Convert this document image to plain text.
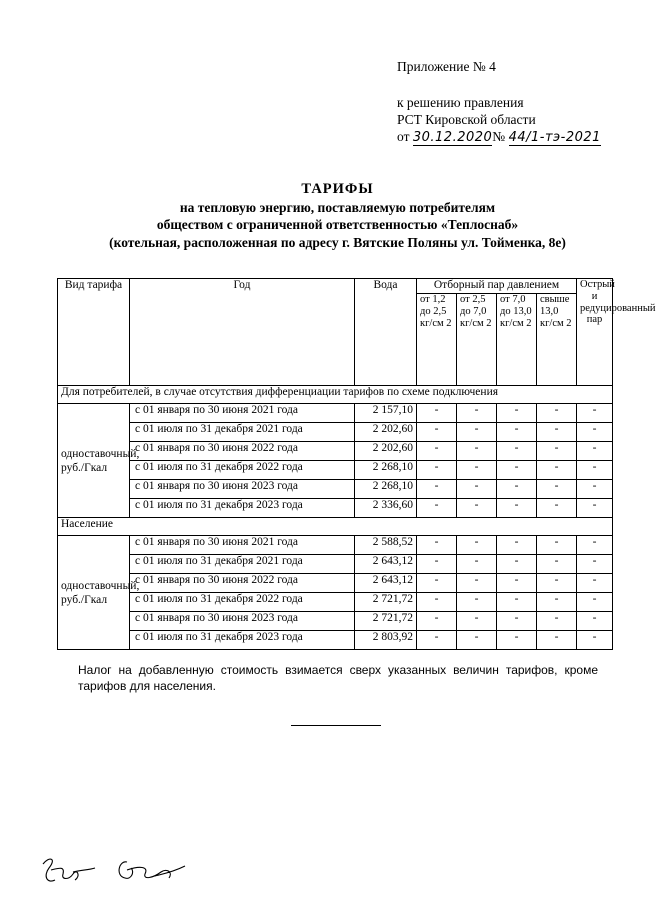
Приложение № 4
к решению правления
РСТ Кировской области
от 30.12.2020№ 44/1-тэ-2021
ТАРИФЫ
на тепловую энергию, поставляемую потребителям
обществом с ограниченной ответственностью «Теплоснаб»
(котельная, расположенная по адресу г. Вятские Поляны ул. Тойменка, 8е)
Вид тарифа	Год	Вода	Отборный пар давлением				Острый и редуцированный пар
			от 1,2 до 2,5 кг/см 2	от 2,5 до 7,0 кг/см 2	от 7,0 до 13,0 кг/см 2	свыше 13,0 кг/см 2	
Для потребителей, в случае отсутствия дифференциации тарифов по схеме подключения							
одноставочный, руб./Гкал	с 01 января по 30 июня 2021 года	2 157,10	-	-	-	-	-
	с 01 июля по 31 декабря 2021 года	2 202,60	-	-	-	-	-
	с 01 января по 30 июня 2022 года	2 202,60	-	-	-	-	-
	с 01 июля по 31 декабря 2022 года	2 268,10	-	-	-	-	-
	с 01 января по 30 июня 2023 года	2 268,10	-	-	-	-	-
	с 01 июля по 31 декабря 2023 года	2 336,60	-	-	-	-	-
Население							
одноставочный, руб./Гкал	с 01 января по 30 июня 2021 года	2 588,52	-	-	-	-	-
	с 01 июля по 31 декабря 2021 года	2 643,12	-	-	-	-	-
	с 01 января по 30 июня 2022 года	2 643,12	-	-	-	-	-
	с 01 июля по 31 декабря 2022 года	2 721,72	-	-	-	-	-
	с 01 января по 30 июня 2023 года	2 721,72	-	-	-	-	-
	с 01 июля по 31 декабря 2023 года	2 803,92	-	-	-	-	-
Налог на добавленную стоимость взимается сверх указанных величин тарифов, кроме тарифов для населения.
